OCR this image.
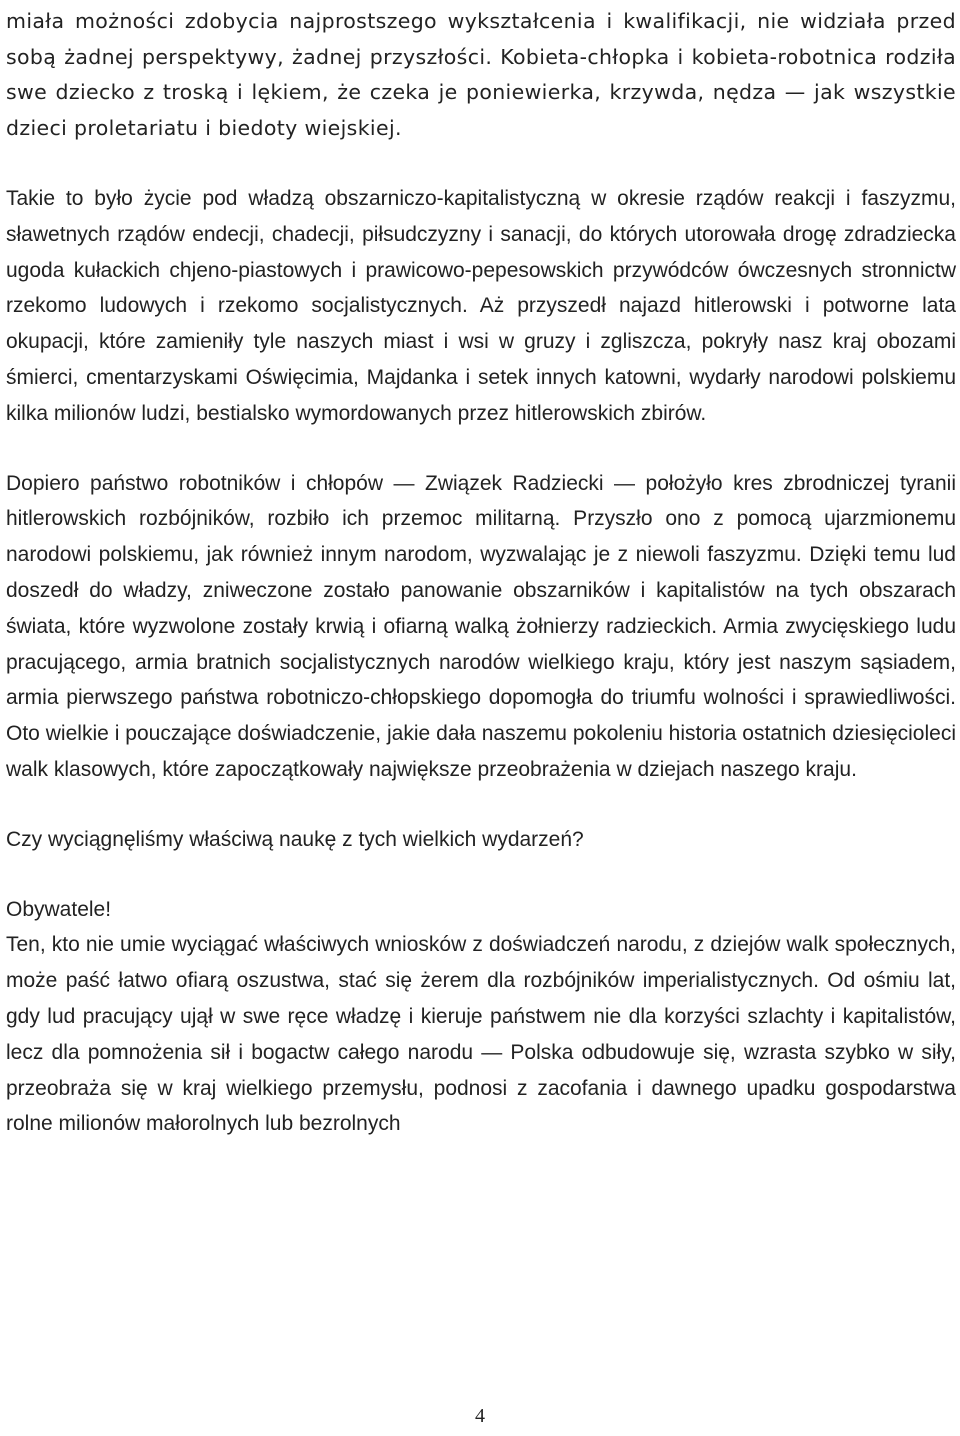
miała możności zdobycia najprostszego wykształcenia i kwalifikacji, nie widziała przed sobą żadnej perspektywy, żadnej przyszłości. Kobieta-chłopka i kobieta-robotnica rodziła swe dziecko z troską i lękiem, że czeka je poniewierka, krzywda, nędza — jak wszystkie dzieci proletariatu i biedoty wiejskiej.

Takie to było życie pod władzą obszarniczo-kapitalistyczną w okresie rządów reakcji i faszyzmu, sławetnych rządów endecji, chadecji, piłsudczyzny i sanacji, do których utorowała drogę zdradziecka ugoda kułackich chjeno-piastowych i prawicowo-pepesowskich przywódców ówczesnych stronnictw rzekomo ludowych i rzekomo socjalistycznych. Aż przyszedł najazd hitlerowski i potworne lata okupacji, które zamieniły tyle naszych miast i wsi w gruzy i zgliszcza, pokryły nasz kraj obozami śmierci, cmentarzyskami Oświęcimia, Majdanka i setek innych katowni, wydarły narodowi polskiemu kilka milionów ludzi, bestialsko wymordowanych przez hitlerowskich zbirów.

Dopiero państwo robotników i chłopów — Związek Radziecki — położyło kres zbrodniczej tyranii hitlerowskich rozbójników, rozbiło ich przemoc militarną. Przyszło ono z pomocą ujarzmionemu narodowi polskiemu, jak również innym narodom, wyzwalając je z niewoli faszyzmu. Dzięki temu lud doszedł do władzy, zniweczone zostało panowanie obszarników i kapitalistów na tych obszarach świata, które wyzwolone zostały krwią i ofiarną walką żołnierzy radzieckich. Armia zwycięskiego ludu pracującego, armia bratnich socjalistycznych narodów wielkiego kraju, który jest naszym sąsiadem, armia pierwszego państwa robotniczo-chłopskiego dopomogła do triumfu wolności i sprawiedliwości. Oto wielkie i pouczające doświadczenie, jakie dała naszemu pokoleniu historia ostatnich dziesięcioleci walk klasowych, które zapoczątkowały największe przeobrażenia w dziejach naszego kraju.

Czy wyciągnęliśmy właściwą naukę z tych wielkich wydarzeń?

Obywatele!

Ten, kto nie umie wyciągać właściwych wniosków z doświadczeń narodu, z dziejów walk społecznych, może paść łatwo ofiarą oszustwa, stać się żerem dla rozbójników imperialistycznych. Od ośmiu lat, gdy lud pracujący ujął w swe ręce władzę i kieruje państwem nie dla korzyści szlachty i kapitalistów, lecz dla pomnożenia sił i bogactw całego narodu — Polska odbudowuje się, wzrasta szybko w siły, przeobraża się w kraj wielkiego przemysłu, podnosi z zacofania i dawnego upadku gospodarstwa rolne milionów małorolnych lub bezrolnych

4
